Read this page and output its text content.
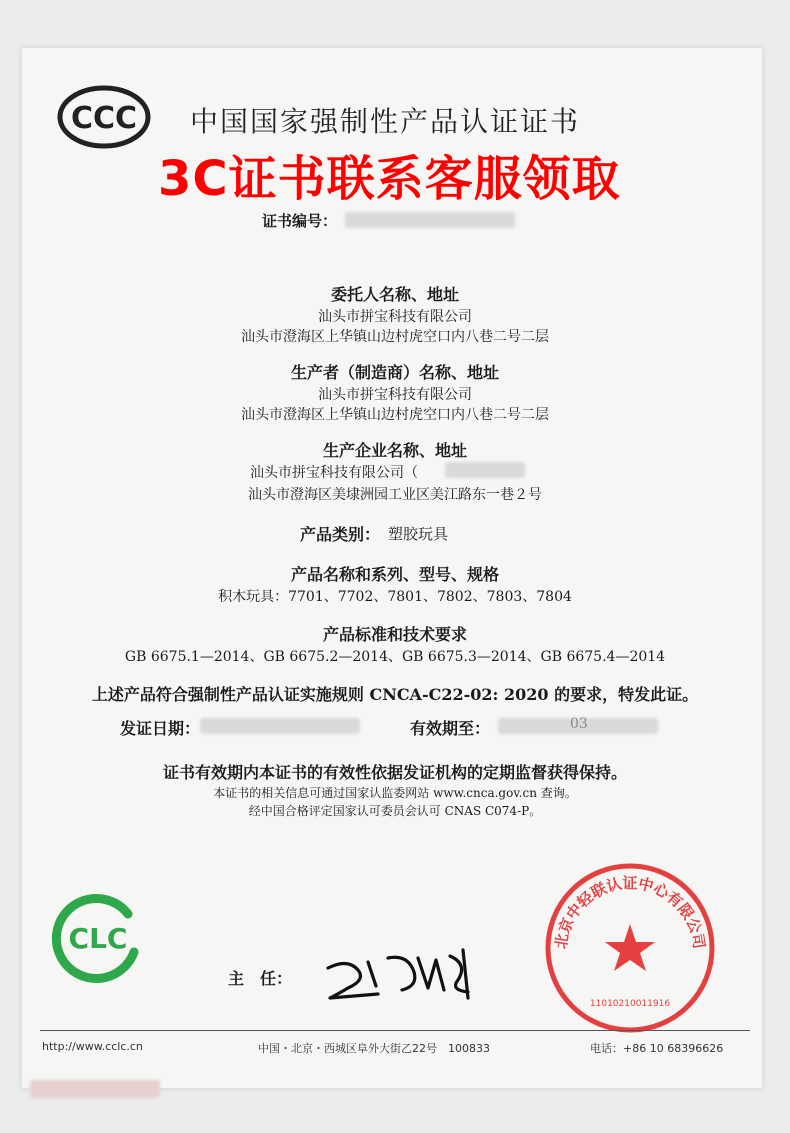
CCC 中国国家强制性产品认证证书
3C证书联系客服领取
证书编号：
委托人名称、地址
汕头市拼宝科技有限公司
汕头市澄海区上华镇山边村虎空口内八巷二号二层
生产者（制造商）名称、地址
汕头市拼宝科技有限公司
汕头市澄海区上华镇山边村虎空口内八巷二号二层
生产企业名称、地址
汕头市拼宝科技有限公司（
汕头市澄海区美埭洲园工业区美江路东一巷２号
产品类别： 塑胶玩具
产品名称和系列、型号、规格
积木玩具：7701、7702、7801、7802、7803、7804
产品标准和技术要求
GB 6675.1—2014、GB 6675.2—2014、GB 6675.3—2014、GB 6675.4—2014
上述产品符合强制性产品认证实施规则 CNCA-C22-02: 2020 的要求，特发此证。
发证日期：	有效期至：	03
证书有效期内本证书的有效性依据发证机构的定期监督获得保持。
本证书的相关信息可通过国家认监委网站 www.cnca.gov.cn 查询。
经中国合格评定国家认可委员会认可 CNAS C074-P。
CLC
主　任：
北京中轻联认证中心有限公司
11010210011916
http://www.cclc.cn	中国・北京・西城区阜外大街乙22号　100833	电话：+86 10 68396626
